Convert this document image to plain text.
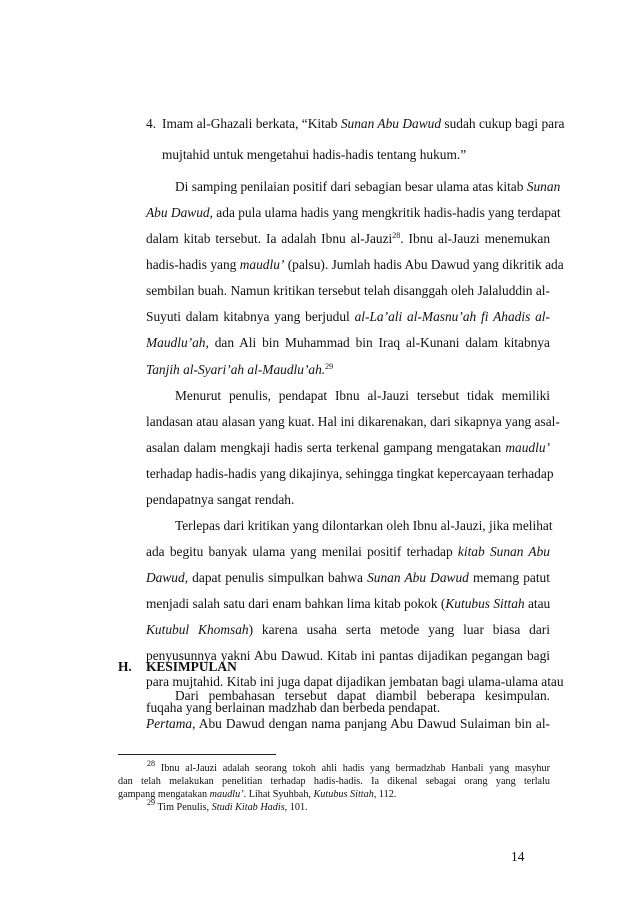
4. Imam al-Ghazali berkata, “Kitab Sunan Abu Dawud sudah cukup bagi para
mujtahid untuk mengetahui hadis-hadis tentang hukum.”
Di samping penilaian positif dari sebagian besar ulama atas kitab Sunan
Abu Dawud, ada pula ulama hadis yang mengkritik hadis-hadis yang terdapat
dalam kitab tersebut. Ia adalah Ibnu al-Jauzi$^{28}$. Ibnu al-Jauzi menemukan
hadis-hadis yang maudlu’ (palsu). Jumlah hadis Abu Dawud yang dikritik ada
sembilan buah. Namun kritikan tersebut telah disanggah oleh Jalaluddin al-
Suyuti dalam kitabnya yang berjudul al-La’ali al-Masnu’ah fi Ahadis al-
Maudlu’ah, dan Ali bin Muhammad bin Iraq al-Kunani dalam kitabnya
Tanjih al-Syari’ah al-Maudlu’ah.$^{29}$
Menurut penulis, pendapat Ibnu al-Jauzi tersebut tidak memiliki
landasan atau alasan yang kuat. Hal ini dikarenakan, dari sikapnya yang asal-
asalan dalam mengkaji hadis serta terkenal gampang mengatakan maudlu’
terhadap hadis-hadis yang dikajinya, sehingga tingkat kepercayaan terhadap
pendapatnya sangat rendah.
Terlepas dari kritikan yang dilontarkan oleh Ibnu al-Jauzi, jika melihat
ada begitu banyak ulama yang menilai positif terhadap kitab Sunan Abu
Dawud, dapat penulis simpulkan bahwa Sunan Abu Dawud memang patut
menjadi salah satu dari enam bahkan lima kitab pokok (Kutubus Sittah atau
Kutubul Khomsah) karena usaha serta metode yang luar biasa dari
penyusunnya yakni Abu Dawud. Kitab ini pantas dijadikan pegangan bagi
para mujtahid. Kitab ini juga dapat dijadikan jembatan bagi ulama-ulama atau
fuqaha yang berlainan madzhab dan berbeda pendapat.
H. KESIMPULAN
Dari pembahasan tersebut dapat diambil beberapa kesimpulan.
Pertama, Abu Dawud dengan nama panjang Abu Dawud Sulaiman bin al-
14
$^{28}$ Ibnu al-Jauzi adalah seorang tokoh ahli hadis yang bermadzhab Hanbali yang masyhur
dan telah melakukan penelitian terhadap hadis-hadis. Ia dikenal sebagai orang yang terlalu
gampang mengatakan maudlu’. Lihat Syuhbah, Kutubus Sittah, 112.
$^{29}$ Tim Penulis, Studi Kitab Hadis, 101.
